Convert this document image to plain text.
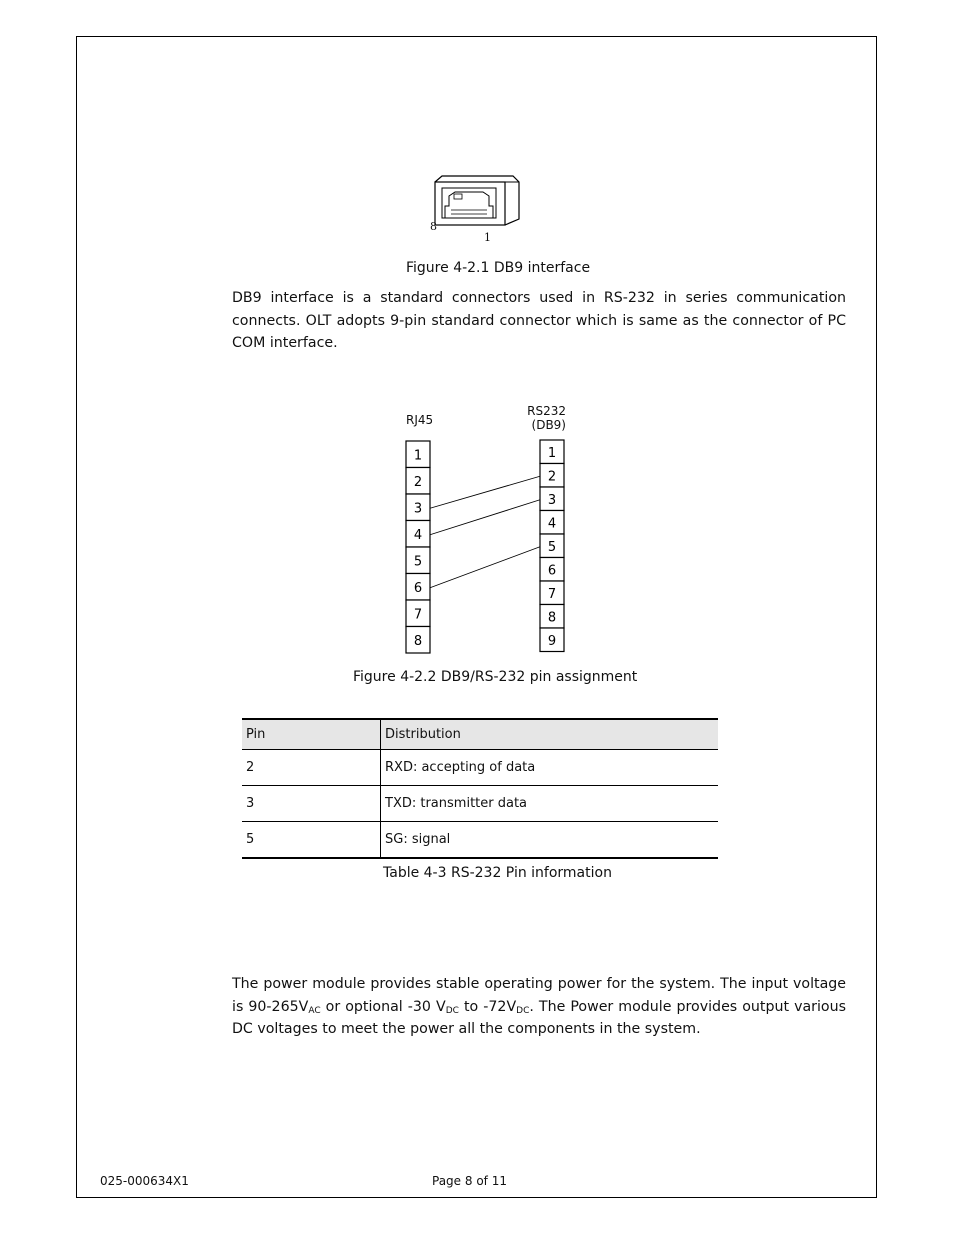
8
1
Figure 4-2.1 DB9 interface
DB9 interface is a standard connectors used in RS-232 in series communication connects. OLT adopts 9-pin standard connector which is same as the connector of PC COM interface.
RJ45
RS232
(DB9)
1
2
3
4
5
6
7
8
1
2
3
4
5
6
7
8
9
Figure 4-2.2 DB9/RS-232 pin assignment
Pin	Distribution
2	RXD: accepting of data
3	TXD: transmitter data
5	SG: signal
Table 4-3 RS-232 Pin information
The power module provides stable operating power for the system. The input voltage is $90-265V_{AC}$ or optional -30 $V_{DC}$ to $-72V_{DC}$. The Power module provides output various DC voltages to meet the power all the components in the system.
025-000634X1	Page 8 of 11
